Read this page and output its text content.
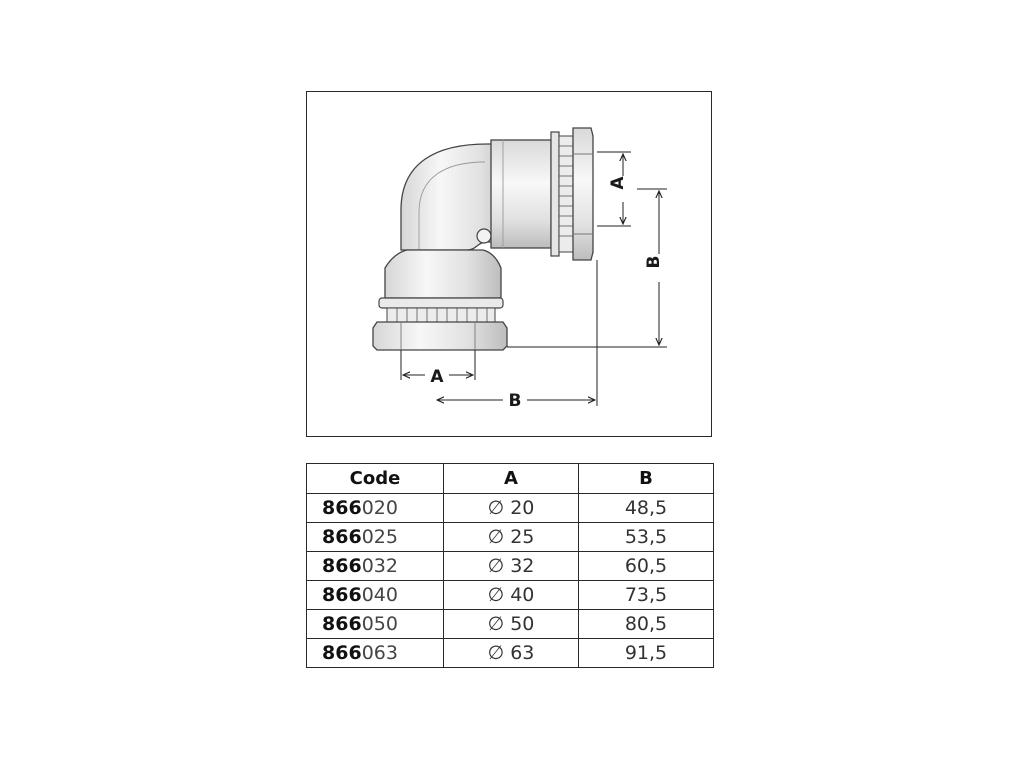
A
B
A
B
Code	A	B
866020	∅ 20	48,5
866025	∅ 25	53,5
866032	∅ 32	60,5
866040	∅ 40	73,5
866050	∅ 50	80,5
866063	∅ 63	91,5
